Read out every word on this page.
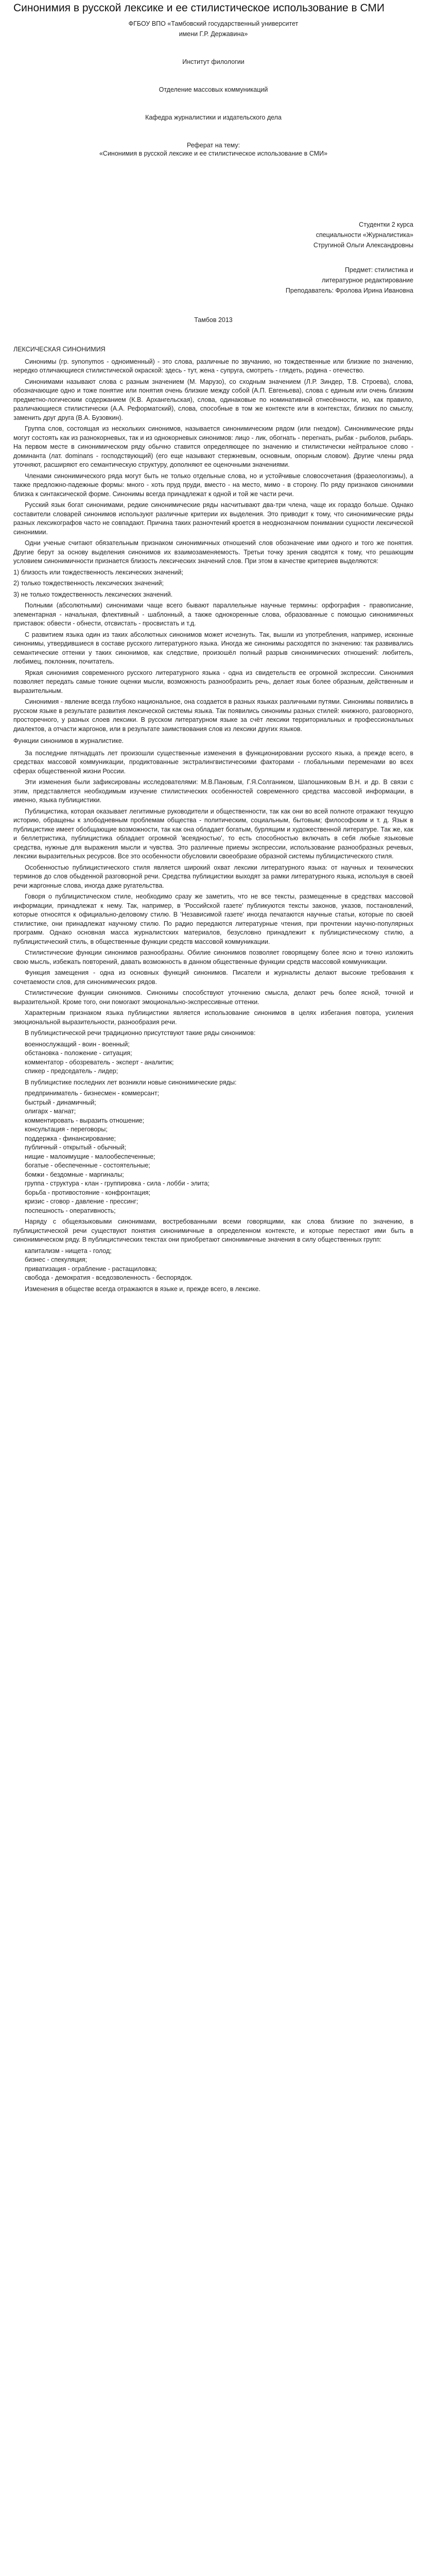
Синонимия в русской лексике и ее стилистическое использование в СМИ
ФГБОУ ВПО «Тамбовский государственный университет
имени Г.Р. Державина»
Институт филологии
Отделение массовых коммуникаций
Кафедра журналистики и издательского дела
Реферат на тему:
«Синонимия в русской лексике и ее стилистическое использование в СМИ»
Студентки 2 курса
специальности «Журналистика»
Стругиной Ольги Александровны
Предмет: стилистика и
литературное редактирование
Преподаватель: Фролова Ирина Ивановна
Тамбов 2013

ЛЕКСИЧЕСКАЯ СИНОНИМИЯ

Синонимы (гр. synonymos - одноименный) - это слова, различные по звучанию, но тождественные или близкие по значению, нередко отличающиеся стилистической окраской: здесь - тут, жена - супруга, смотреть - глядеть, родина - отечество.

Синонимами называют слова с разным значением (М. Марузо), со сходным значением (Л.Р. Зиндер, Т.В. Строева), слова, обозначающие одно и тоже понятие или понятия очень близкие между собой (А.П. Евгеньева), слова с единым или очень близким предметно-логическим содержанием (К.В. Архангельская), слова, одинаковые по номинативной отнесённости, но, как правило, различающиеся стилистически (А.А. Реформатский), слова, способные в том же контексте или в контекстах, близких по смыслу, заменить друг друга (В.А. Бузовкин).

Группа слов, состоящая из нескольких синонимов, называется синонимическим рядом (или гнездом). Синонимические ряды могут состоять как из разнокорневых, так и из однокорневых синонимов: лицо - лик, обогнать - перегнать, рыбак - рыболов, рыбарь. На первом месте в синонимическом ряду обычно ставится определяющее по значению и стилистически нейтральное слово - доминанта (лат. dominans - господствующий) (его еще называют стержневым, основным, опорным словом). Другие члены ряда уточняют, расширяют его семантическую структуру, дополняют ее оценочными значениями.

Членами синонимического ряда могут быть не только отдельные слова, но и устойчивые словосочетания (фразеологизмы), а также предложно-падежные формы: много - хоть пруд пруди, вместо - на место, мимо - в сторону. По ряду признаков синонимии близка к синтаксической форме. Синонимы всегда принадлежат к одной и той же части речи.

Русский язык богат синонимами, редкие синонимические ряды насчитывают два-три члена, чаще их гораздо больше. Однако составители словарей синонимов используют различные критерии их выделения. Это приводит к тому, что синонимические ряды разных лексикографов часто не совпадают. Причина таких разночтений кроется в неоднозначном понимании сущности лексической синонимии.

Одни ученые считают обязательным признаком синонимичных отношений слов обозначение ими одного и того же понятия. Другие берут за основу выделения синонимов их взаимозаменяемость. Третьи точку зрения сводятся к тому, что решающим условием синонимичности признается близость лексических значений слов. При этом в качестве критериев выделяются:

1) близость или тождественность лексических значений;

2) только тождественность лексических значений;

3) не только тождественность лексических значений.

Полными (абсолютными) синонимами чаще всего бывают параллельные научные термины: орфография - правописание, элементарная - начальная, флективный - шаблонный, а также однокоренные слова, образованные с помощью синонимичных приставок: обвести - обнести, отсвистать - просвистать и т.д.

С развитием языка один из таких абсолютных синонимов может исчезнуть. Так, вышли из употребления, например, исконные синонимы, утвердившиеся в составе русского литературного языка. Иногда же синонимы расходятся по значению: так развивались семантические оттенки у таких синонимов, как следствие, произошёл полный разрыв синонимических отношений: любитель, любимец, поклонник, почитатель.

Яркая синонимия современного русского литературного языка - одна из свидетельств ее огромной экспрессии. Синонимия позволяет передать самые тонкие оценки мысли, возможность разнообразить речь, делает язык более образным, действенным и выразительным.

Синонимия - явление всегда глубоко национальное, она создается в разных языках различными путями. Синонимы появились в русском языке в результате развития лексической системы языка. Так появились синонимы разных стилей: книжного, разговорного, просторечного, у разных слоев лексики. В русском литературном языке за счёт лексики территориальных и профессиональных диалектов, а отчасти жаргонов, или в результате заимствования слов из лексики других языков.

Функции синонимов в журналистике.

За последние пятнадцать лет произошли существенные изменения в функционировании русского языка, а прежде всего, в средствах массовой коммуникации, продиктованные экстралингвистическими факторами - глобальными переменами во всех сферах общественной жизни России.

Эти изменения были зафиксированы исследователями: М.В.Пановым, Г.Я.Солгаником, Шапошниковым В.Н. и др. В связи с этим, представляется необходимым изучение стилистических особенностей современного средства массовой информации, в именно, языка публицистики.

Публицистика, которая оказывает легитимные руководители и общественности, так как они во всей полноте отражают текущую историю, обращены к злободневным проблемам общества - политическим, социальным, бытовым; философским и т. д. Язык в публицистике имеет обобщающие возможности, так как она обладает богатым, бурлящим и художественной литературе. Так же, как и беллетристика, публицистика обладает огромной 'всеядностью', то есть способностью включать в себя любые языковые средства, нужные для выражения мысли и чувства. Это различные приемы экспрессии, использование разнообразных речевых, лексики выразительных ресурсов. Все это особенности обусловили своеобразие образной системы публицистического стиля.

Особенностью публицистического стиля является широкий охват лексики литературного языка: от научных и технических терминов до слов обыденной разговорной речи. Средства публицистики выходят за рамки литературного языка, используя в своей речи жаргонные слова, иногда даже ругательства.

Говоря о публицистическом стиле, необходимо сразу же заметить, что не все тексты, размещенные в средствах массовой информации, принадлежат к нему. Так, например, в 'Российской газете' публикуются тексты законов, указов, постановлений, которые относятся к официально-деловому стилю. В 'Независимой газете' иногда печатаются научные статьи, которые по своей стилистике, они принадлежат научному стилю. По радио передаются литературные чтения, при прочтении научно-популярных программ. Однако основная масса журналистских материалов, безусловно принадлежит к публицистическому стилю, а публицистический стиль, в общественные функции средств массовой коммуникации.

Стилистические функции синонимов разнообразны. Обилие синонимов позволяет говорящему более ясно и точно изложить свою мысль, избежать повторений, давать возможность в данном общественные функции средств массовой коммуникации.

Функция замещения - одна из основных функций синонимов. Писатели и журналисты делают высокие требования к сочетаемости слов, для синонимических рядов.

Стилистические функции синонимов. Синонимы способствуют уточнению смысла, делают речь более ясной, точной и выразительной. Кроме того, они помогают эмоционально-экспрессивные оттенки.

Характерным признаком языка публицистики является использование синонимов в целях избегания повтора, усиления эмоциональной выразительности, разнообразия речи.

В публицистической речи традиционно присутствуют такие ряды синонимов:

военнослужащий - воин - военный;
обстановка - положение - ситуация;
комментатор - обозреватель - эксперт - аналитик;
спикер - председатель - лидер;

В публицистике последних лет возникли новые синонимические ряды:

предприниматель - бизнесмен - коммерсант;
быстрый - динамичный;
олигарх - магнат;
комментировать - выразить отношение;
консультация - переговоры;
поддержка - финансирование;
публичный - открытый - обычный;
нищие - малоимущие - малообеспеченные;
богатые - обеспеченные - состоятельные;
бомжи - бездомные - маргиналы;
группа - структура - клан - группировка - сила - лобби - элита;
борьба - противостояние - конфронтация;
кризис - сговор - давление - прессинг;
поспешность - оперативность;

Наряду с общеязыковыми синонимами, востребованными всеми говорящими, как слова близкие по значению, в публицистической речи существуют понятия синонимичные в определенном контексте, и которые перестают ими быть в синонимическом ряду. В публицистических текстах они приобретают синонимичные значения в силу общественных групп:

капитализм - нищета - голод;
бизнес - спекуляция;
приватизация - ограбление - растащиловка;
свобода - демократия - вседозволенность - беспорядок.

Изменения в обществе всегда отражаются в языке и, прежде всего, в лексике.
